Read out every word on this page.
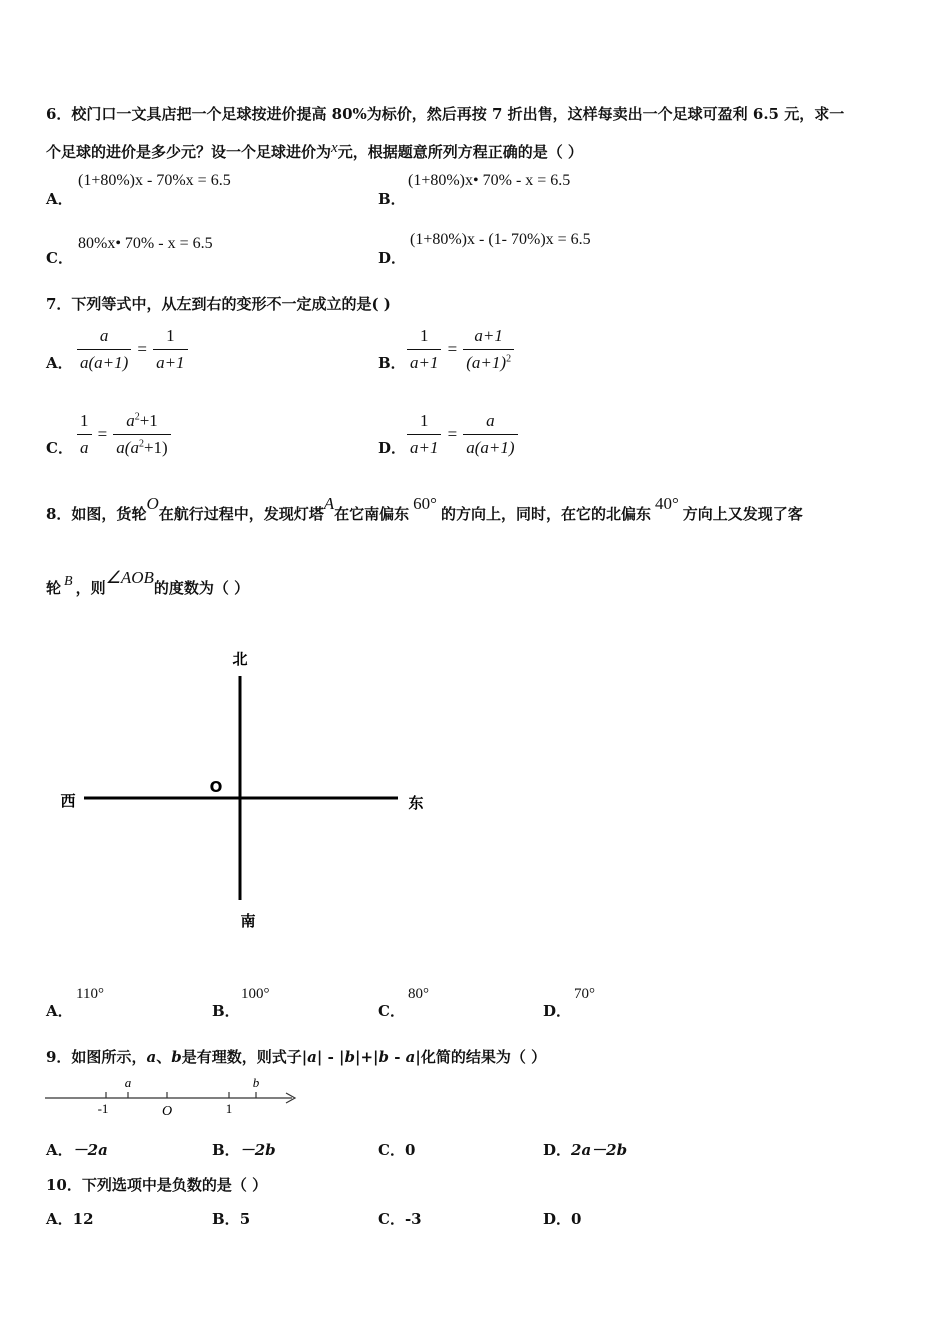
6．校门口一文具店把一个足球按进价提高 80%为标价，然后再按 7 折出售，这样每卖出一个足球可盈利 6.5 元，求一
个足球的进价是多少元？设一个足球进价为x元，根据题意所列方程正确的是（ ）
A．
(1+80%)x - 70%x = 6.5
B．
(1+80%)x• 70% - x = 6.5
C．
80%x• 70% - x = 6.5
D．
(1+80%)x - (1- 70%)x = 6.5
7．下列等式中，从左到右的变形不一定成立的是( )
A． $\frac{a}{a(a+1)} = \frac{1}{a+1}$	B． $\frac{1}{a+1} = \frac{a+1}{(a+1)^2}$
C． $\frac{1}{a} = \frac{a^2+1}{a(a^2+1)}$	D． $\frac{1}{a+1} = \frac{a}{a(a+1)}$
8．如图，货轮O在航行过程中，发现灯塔A在它南偏东60°的方向上，同时，在它的北偏东40°方向上又发现了客
轮 B ，则∠AOB的度数为（ ）
北
南
西	东
O
A．
110°
B．
100°
C．
80°
D．
70°
9．如图所示，a、b是有理数，则式子|a| - |b|+|b - a|化简的结果为（ ）
a	b
-1	O	1
A．－2a	B．－2b	C．0	D．2a－2b
10．下列选项中是负数的是（ ）
A．12	B．5	C．-3	D．0
